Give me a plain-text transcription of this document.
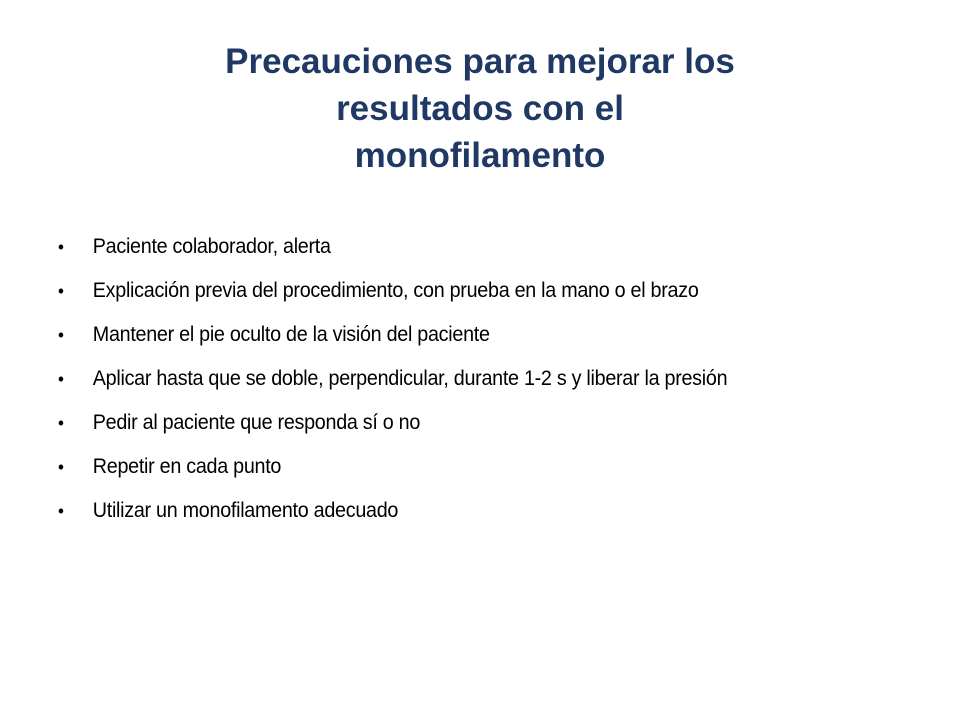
Precauciones para mejorar los
resultados con el
monofilamento
• Paciente colaborador, alerta
• Explicación previa del procedimiento, con prueba en la mano o el brazo
• Mantener el pie oculto de la visión del paciente
• Aplicar hasta que se doble, perpendicular, durante 1-2 s y liberar la presión
• Pedir al paciente que responda sí o no
• Repetir en cada punto
• Utilizar un monofilamento adecuado
